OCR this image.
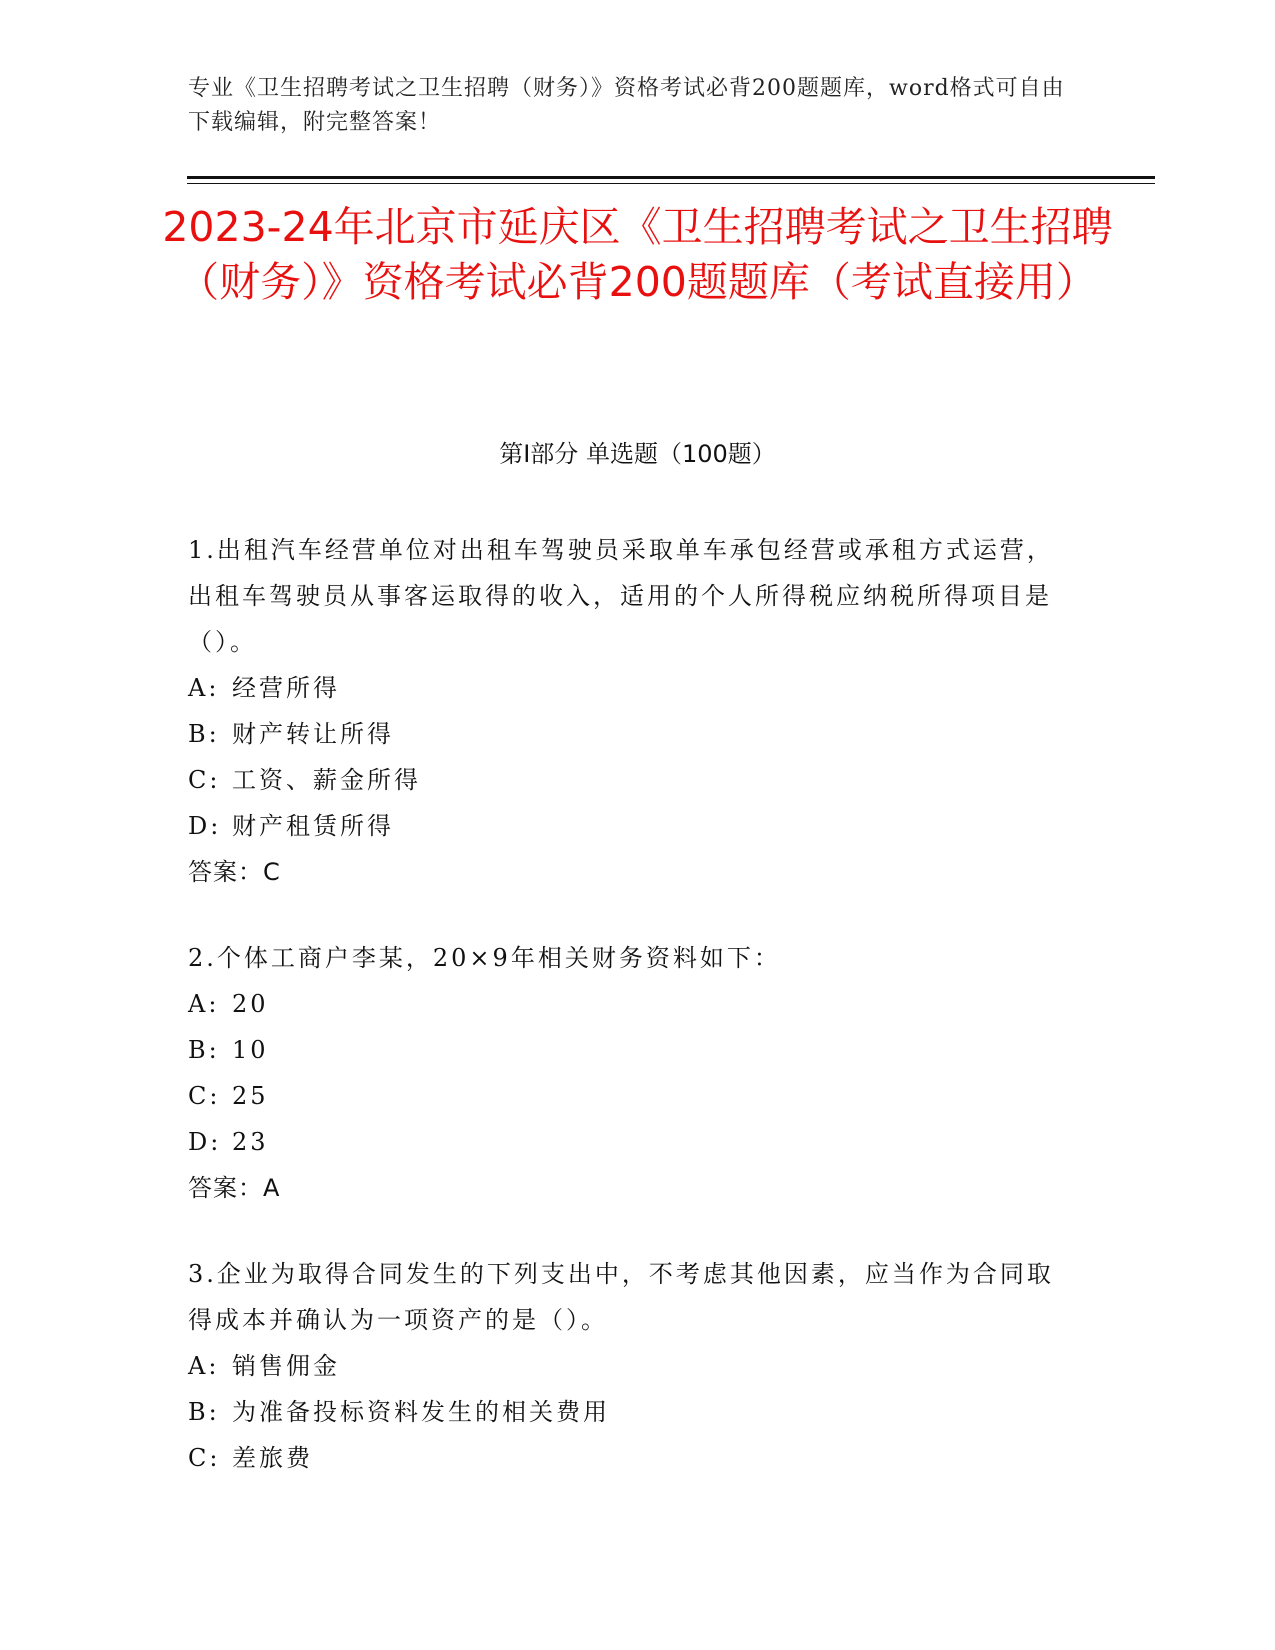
专业《卫生招聘考试之卫生招聘（财务）》资格考试必背200题题库，word格式可自由下载编辑，附完整答案！
2023-24年北京市延庆区《卫生招聘考试之卫生招聘（财务）》资格考试必背200题题库（考试直接用）
第Ⅰ部分 单选题（100题）
1.出租汽车经营单位对出租车驾驶员采取单车承包经营或承租方式运营，出租车驾驶员从事客运取得的收入，适用的个人所得税应纳税所得项目是（）。
A: 经营所得
B: 财产转让所得
C: 工资、薪金所得
D: 财产租赁所得
答案：C
2.个体工商户李某，20×9年相关财务资料如下：
A: 20
B: 10
C: 25
D: 23
答案：A
3.企业为取得合同发生的下列支出中，不考虑其他因素，应当作为合同取得成本并确认为一项资产的是（）。
A: 销售佣金
B: 为准备投标资料发生的相关费用
C: 差旅费
